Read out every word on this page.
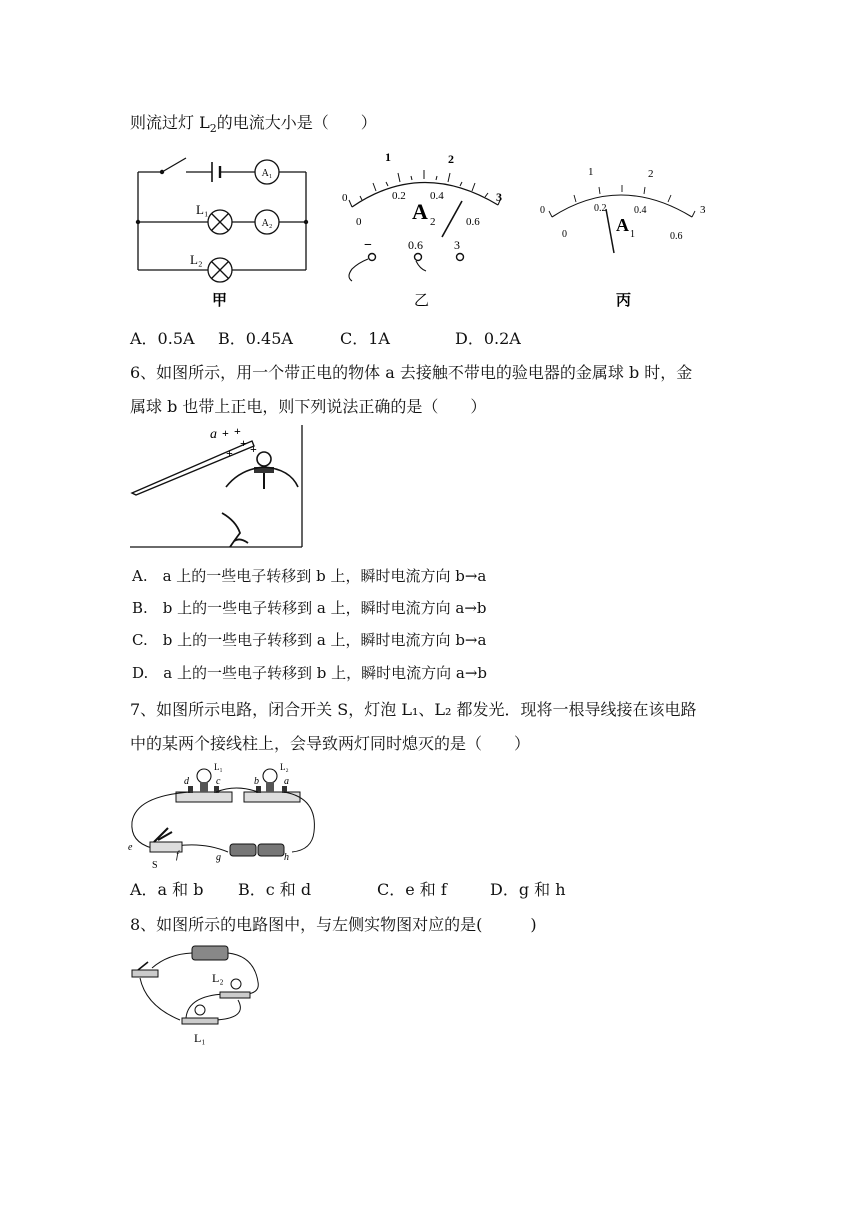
则流过灯 $L_2$的电流大小是（　　）
A₁
A₂
L₁
L₂
甲
0
1	2
3
0
0.2 0.4
0.6
A 2
−	0.6	3
乙
0
1	2
3
0
0.2	0.4
0.6
A 1
丙
A．0.5A B．0.45A	C．1A	D．0.2A
6、如图所示，用一个带正电的物体 a 去接触不带电的验电器的金属球 b 时，金
属球 b 也带上正电，则下列说法正确的是（　　）
a + +
+
+ +
A.　a 上的一些电子转移到 b 上，瞬时电流方向 b→a
B.　b 上的一些电子转移到 a 上，瞬时电流方向 a→b
C.　b 上的一些电子转移到 a 上，瞬时电流方向 b→a
D.　a 上的一些电子转移到 b 上，瞬时电流方向 a→b
7、如图所示电路，闭合开关 S，灯泡 L₁、L₂ 都发光．现将一根导线接在该电路
中的某两个接线柱上，会导致两灯同时熄灭的是（　　）
L₁	L₂
d	c	b	a
e
f	g	h
S
A．a 和 b B．c 和 d	C．e 和 f	D．g 和 h
8、如图所示的电路图中，与左侧实物图对应的是(　　　)
L₂
L₁
